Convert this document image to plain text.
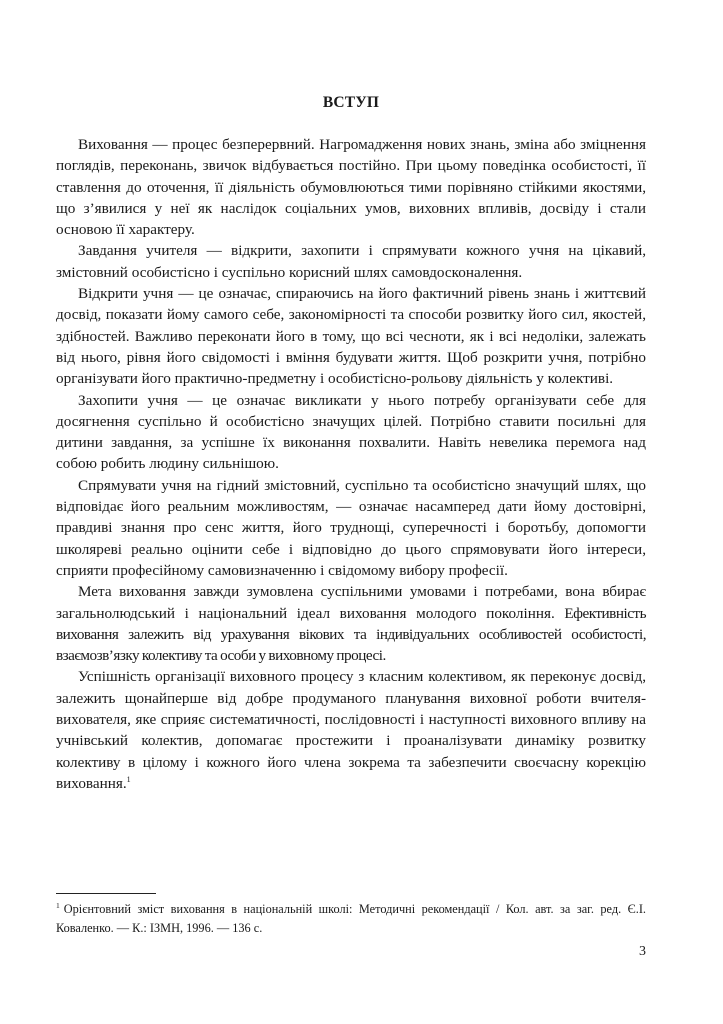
ВСТУП

Виховання — процес безперервний. Нагромадження нових знань, зміна або зміцнення поглядів, переконань, звичок відбувається постійно. При цьому поведінка особистості, її ставлення до оточення, її діяльність обумовлюються тими порівняно стійкими якостями, що з’явилися у неї як наслідок соціальних умов, виховних впливів, досвіду і стали основою її характеру.

Завдання учителя — відкрити, захопити і спрямувати кожного учня на цікавий, змістовний особистісно і суспільно корисний шлях самовдосконалення.

Відкрити учня — це означає, спираючись на його фактичний рівень знань і життєвий досвід, показати йому самого себе, закономірності та способи розвитку його сил, якостей, здібностей. Важливо переконати його в тому, що всі чесноти, як і всі недоліки, залежать від нього, рівня його свідомості і вміння будувати життя. Щоб розкрити учня, потрібно організувати його практично-предметну і особистісно-рольову діяльність у колективі.

Захопити учня — це означає викликати у нього потребу організувати себе для досягнення суспільно й особистісно значущих цілей. Потрібно ставити посильні для дитини завдання, за успішне їх виконання похвалити. Навіть невелика перемога над собою робить людину сильнішою.

Спрямувати учня на гідний змістовний, суспільно та особистісно значущий шлях, що відповідає його реальним можливостям, — означає насамперед дати йому достовірні, правдиві знання про сенс життя, його труднощі, суперечності і боротьбу, допомогти школяреві реально оцінити себе і відповідно до цього спрямовувати його інтереси, сприяти професійному самовизначенню і свідомому вибору професії.

Мета виховання завжди зумовлена суспільними умовами і потребами, вона вбирає загальнолюдський і національний ідеал виховання молодого покоління. Ефективність виховання залежить від урахування вікових та індивідуальних особливостей особистості, взаємозв’язку колективу та особи у виховному процесі.

Успішність організації виховного процесу з класним колективом, як переконує досвід, залежить щонайперше від добре продуманого планування виховної роботи вчителя-вихователя, яке сприяє систематичності, послідовності і наступності виховного впливу на учнівський колектив, допомагає простежити і проаналізувати динаміку розвитку колективу в цілому і кожного його члена зокрема та забезпечити своєчасну корекцію виховання.$^1$

$^1$ Орієнтовний зміст виховання в національній школі: Методичні рекомендації / Кол. авт. за заг. ред. Є.І. Коваленко. — К.: ІЗМН, 1996. — 136 с.

3
